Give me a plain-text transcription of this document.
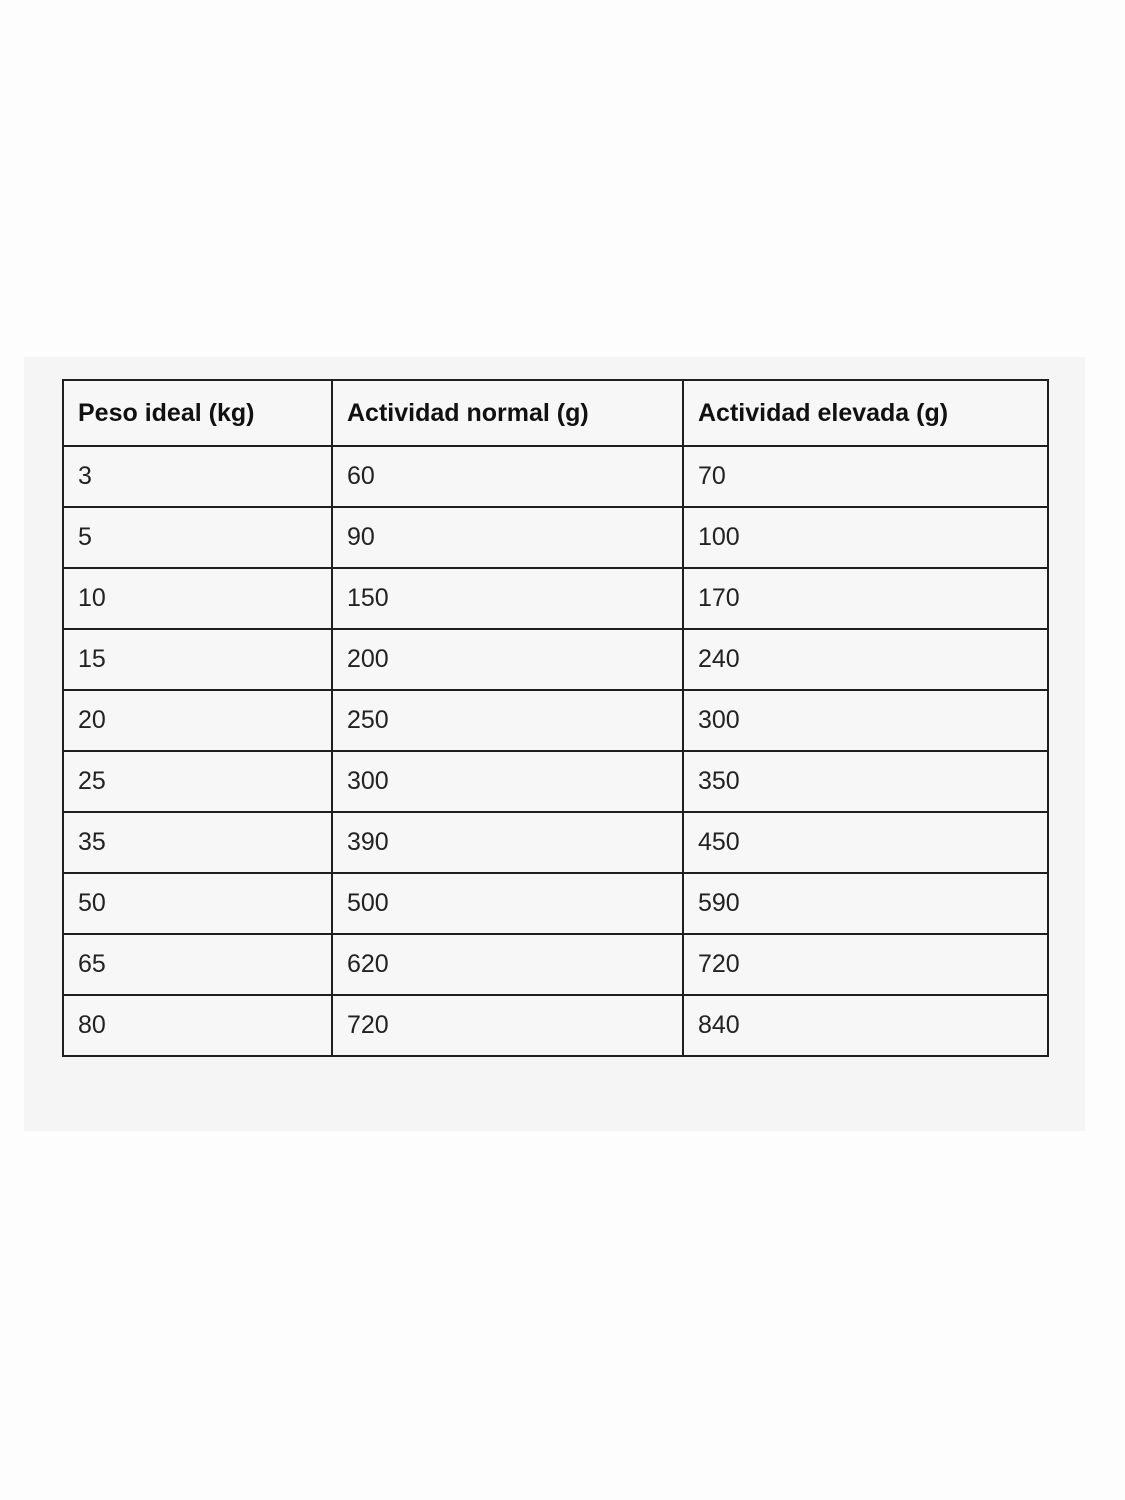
Peso ideal (kg)	Actividad normal (g)	Actividad elevada (g)
3	60	70
5	90	100
10	150	170
15	200	240
20	250	300
25	300	350
35	390	450
50	500	590
65	620	720
80	720	840
